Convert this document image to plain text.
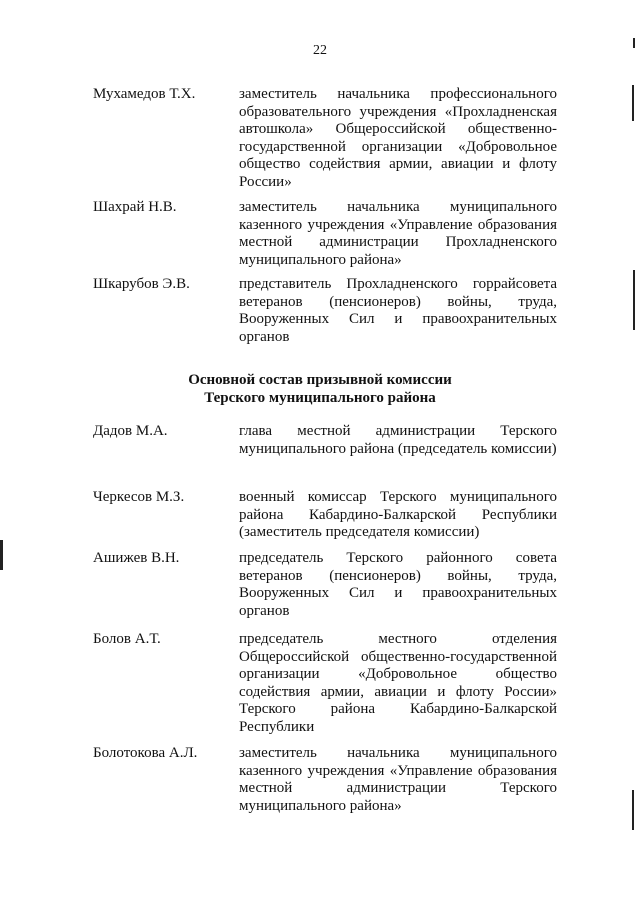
22
Мухамедов Т.Х.	заместитель начальника профессионального образовательного учреждения «Прохладненская автошкола» Общероссийской общественно-государственной организации «Добровольное общество содействия армии, авиации и флоту России»
Шахрай Н.В.	заместитель начальника муниципального казенного учреждения «Управление образования местной администрации Прохладненского муниципального района»
Шкарубов Э.В.	представитель Прохладненского горрайсовета ветеранов (пенсионеров) войны, труда, Вооруженных Сил и правоохранительных органов
Основной состав призывной комиссии
Терского муниципального района
Дадов М.А.	глава местной администрации Терского муниципального района (председатель комиссии)
Черкесов М.З.	военный комиссар Терского муниципального района Кабардино-Балкарской Республики (заместитель председателя комиссии)
Ашижев В.Н.	председатель Терского районного совета ветеранов (пенсионеров) войны, труда, Вооруженных Сил и правоохранительных органов
Болов А.Т.	председатель местного отделения Общероссийской общественно-государственной организации «Добровольное общество содействия армии, авиации и флоту России» Терского района Кабардино-Балкарской Республики
Болотокова А.Л.	заместитель начальника муниципального казенного учреждения «Управление образования местной администрации Терского муниципального района»
